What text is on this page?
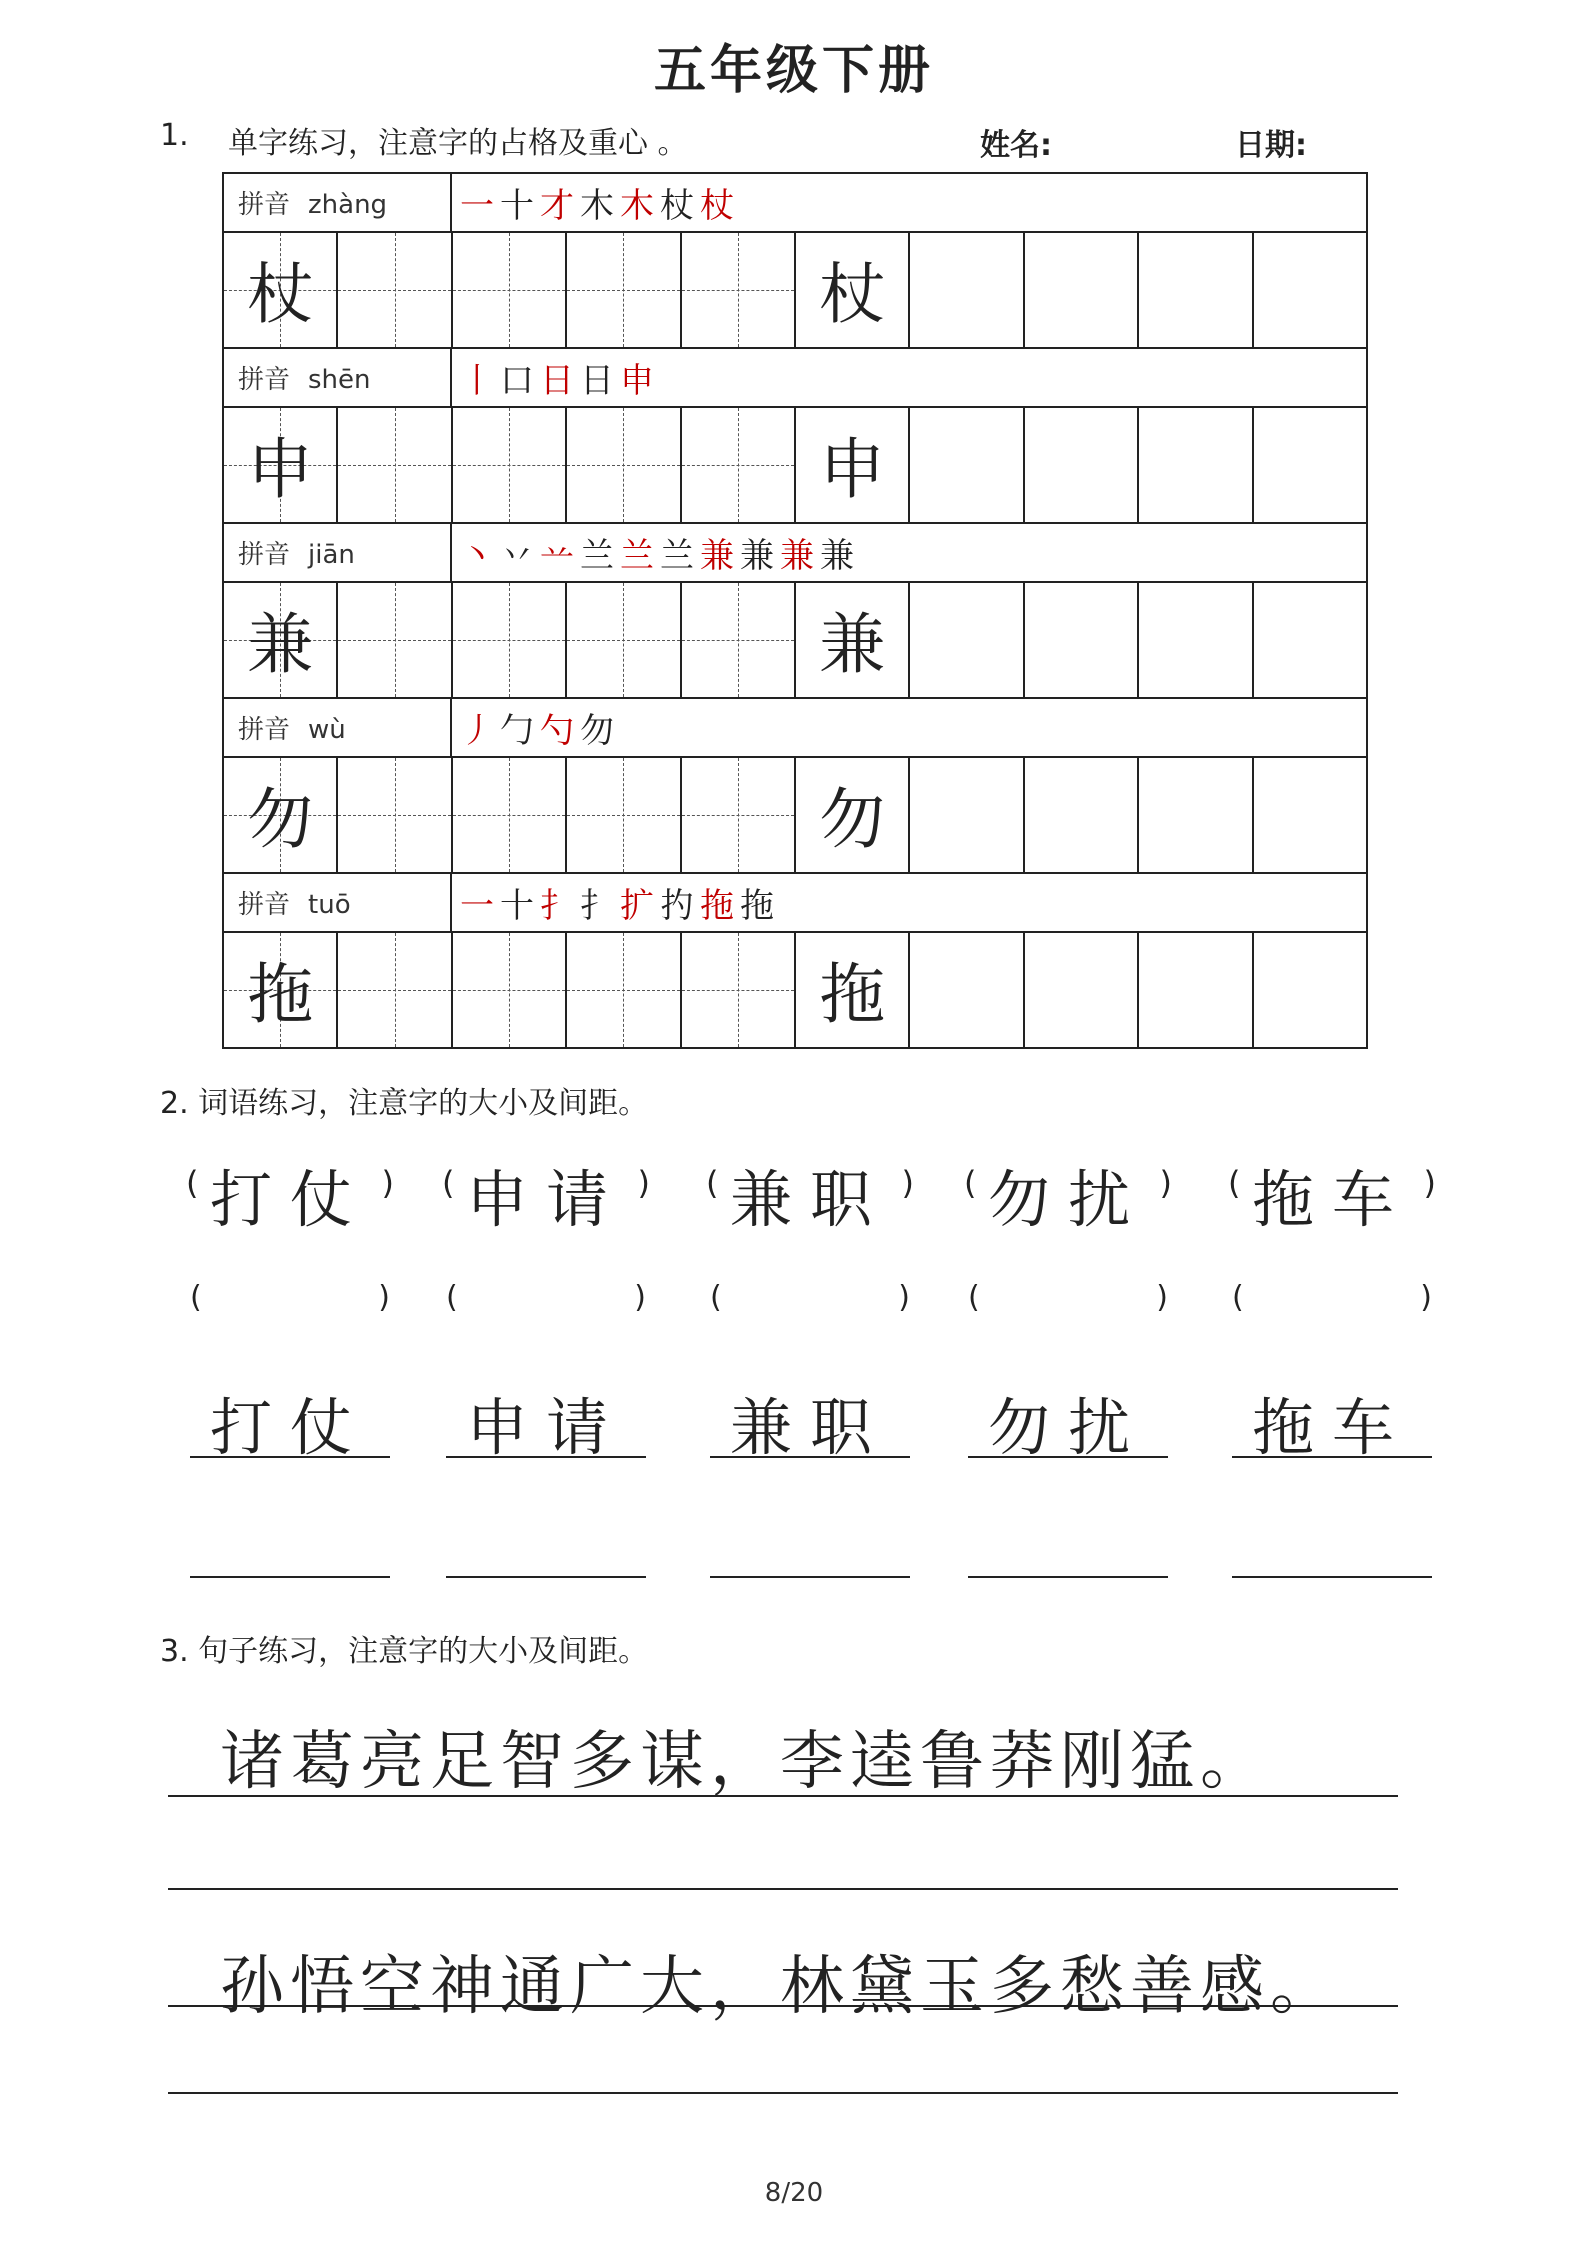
五年级下册
1. 单字练习，注意字的占格及重心 。	姓名:	日期:
拼音 zhàng 一十才木木杖杖
杖	杖
拼音 shēn	丨口日日申
申	申
拼音 jiān	丶丷䒑兰兰兰兼兼兼兼
兼	兼
拼音 wù	丿勹勺勿
勿	勿
拼音 tuō	一十扌扌扩扚拖拖
拖	拖
2. 词语练习，注意字的大小及间距。
( 打仗 ) ( 申请 ) ( 兼职 ) ( 勿扰 ) ( 拖车 )
(	) (	) (	) (	) (	)
打仗	申请	兼职	勿扰	拖车
3. 句子练习，注意字的大小及间距。
诸葛亮足智多谋，李逵鲁莽刚猛。
孙悟空神通广大，林黛玉多愁善感。
8/20
